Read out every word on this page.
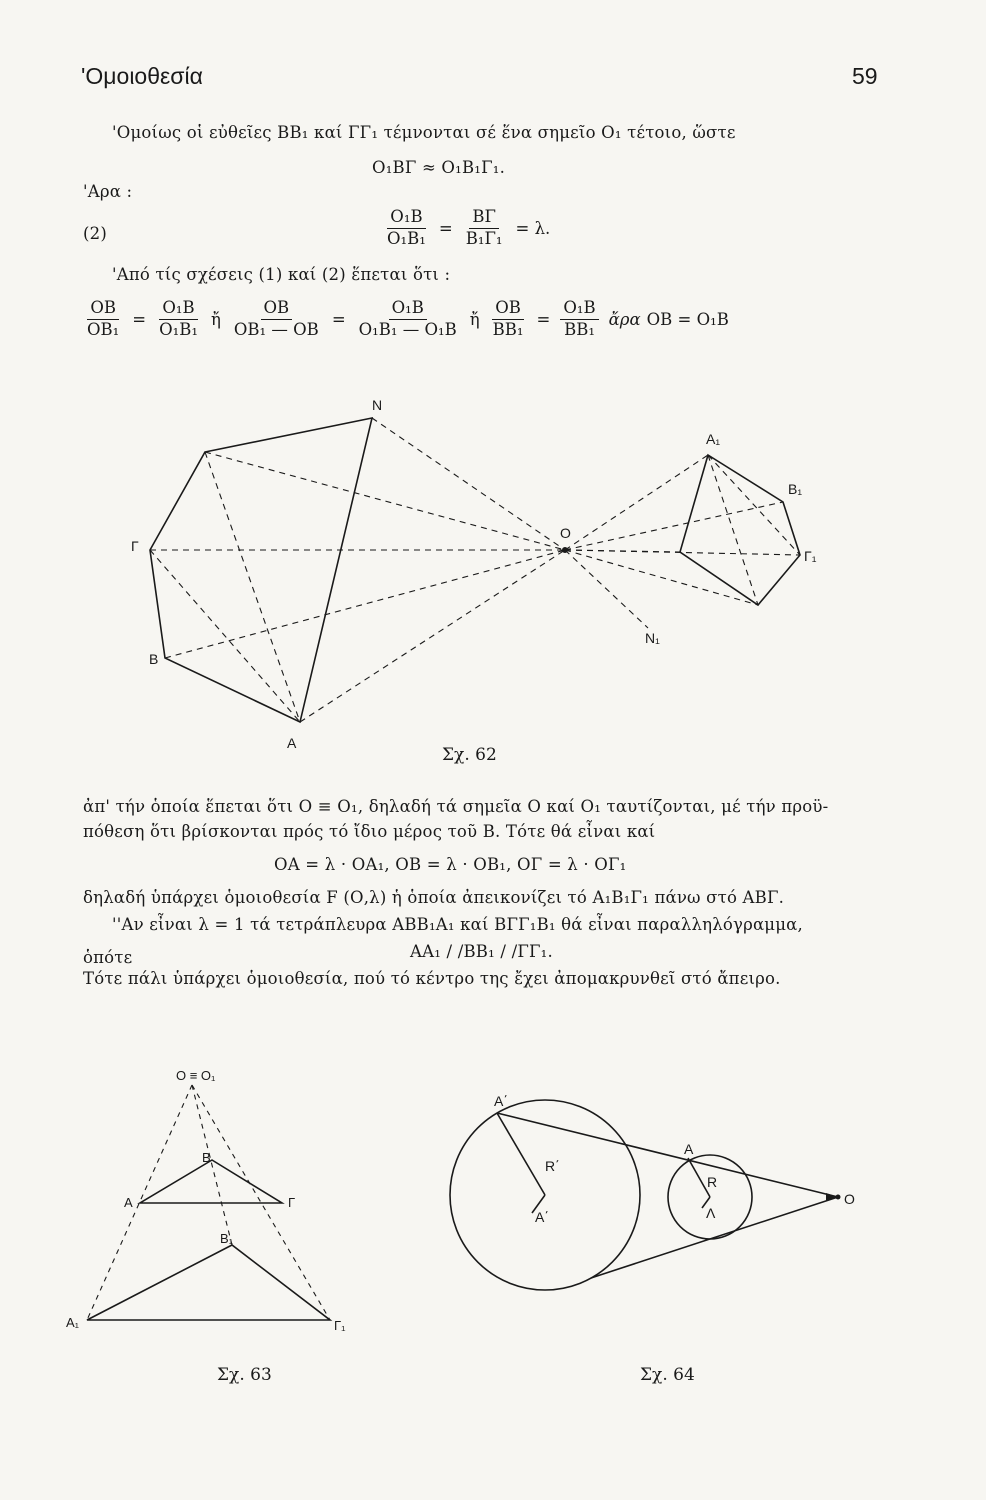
'Ομοιοθεσία	59
'Ομοίως οἱ εὐθεῖες ΒΒ₁ καί ΓΓ₁ τέμνονται σέ ἕνα σημεῖο Ο₁ τέτοιο, ὥστε
Ο₁ΒΓ ≈ Ο₁Β₁Γ₁.
'Αρα :
(2)	$\frac{\text{Ο₁Β}}{\text{Ο₁Β₁}} = \frac{B\Gamma}{\text{Β₁Γ₁}} = \lambda$.
'Από τίς σχέσεις (1) καί (2) ἕπεται ὅτι :
$\frac{OB}{\text{ΟΒ₁}} = \frac{\text{Ο₁Β}}{\text{Ο₁Β₁}}$ ἤ $\frac{OB}{\text{ΟΒ₁ — ΟΒ}} = \frac{\text{Ο₁Β}}{\text{Ο₁Β₁ — Ο₁Β}}$ ἤ $\frac{OB}{\text{ΒΒ₁}} = \frac{\text{Ο₁Β}}{\text{ΒΒ₁}}$ ἄρα ΟΒ = Ο₁Β
Ν
Α₁
Β₁
Ο
Γ
Γ₁
Β
Ν₁
Α
Σχ. 62
ἀπ' τήν ὁποία ἕπεται ὅτι Ο ≡ Ο₁, δηλαδή τά σημεῖα Ο καί Ο₁ ταυτίζονται, μέ τήν προϋ-
πόθεση ὅτι βρίσκονται πρός τό ἴδιο μέρος τοῦ Β. Τότε θά εἶναι καί
ΟΑ = λ · ΟΑ₁, ΟΒ = λ · ΟΒ₁, ΟΓ = λ · ΟΓ₁
δηλαδή ὑπάρχει ὁμοιοθεσία F (Ο,λ) ἡ ὁποία ἀπεικονίζει τό Α₁Β₁Γ₁ πάνω στό ΑΒΓ.
''Αν εἶναι λ = 1 τά τετράπλευρα ΑΒΒ₁Α₁ καί ΒΓΓ₁Β₁ θά εἶναι παραλληλόγραμμα,
ὁπότε	ΑΑ₁ / /ΒΒ₁ / /ΓΓ₁.
Τότε πάλι ὑπάρχει ὁμοιοθεσία, πού τό κέντρο της ἔχει ἀπομακρυνθεῖ στό ἄπειρο.
Ο ≡ Ο₁
Β
Α	Γ
Β₁
Α₁	Γ₁
Σχ. 63
Α΄
Α
R΄
R
Α΄	Λ
Ο
Σχ. 64
